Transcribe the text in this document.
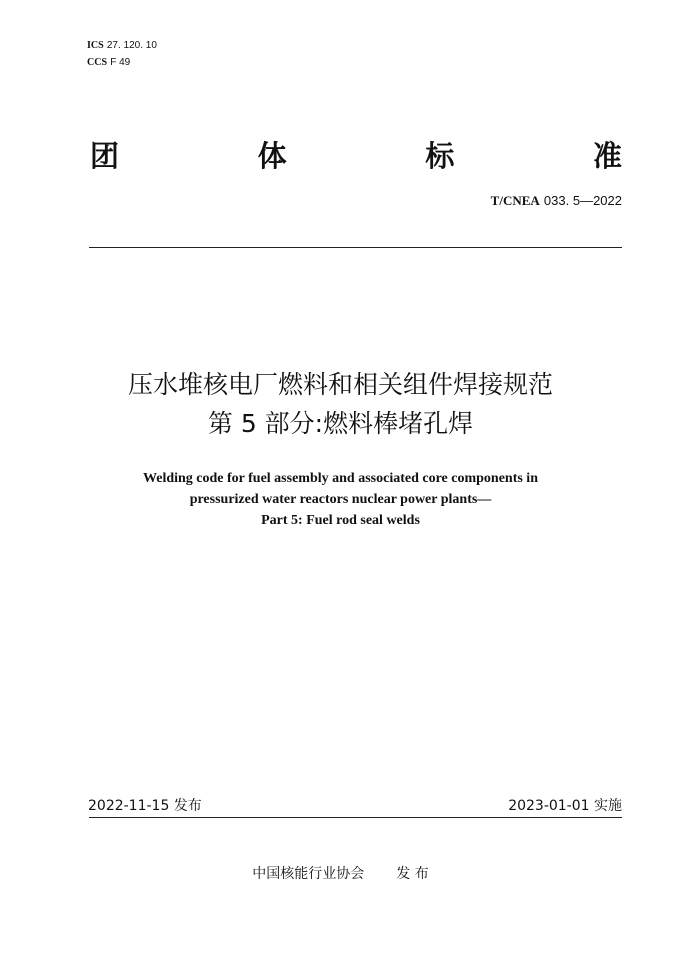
ICS 27. 120. 10
CCS F 49
团	体	标	准
T/CNEA 033. 5—2022
压水堆核电厂燃料和相关组件焊接规范
第 5 部分:燃料棒堵孔焊
Welding code for fuel assembly and associated core components in
pressurized water reactors nuclear power plants—
Part 5: Fuel rod seal welds
2022-11-15 发布	2023-01-01 实施
中国核能行业协会 发 布
